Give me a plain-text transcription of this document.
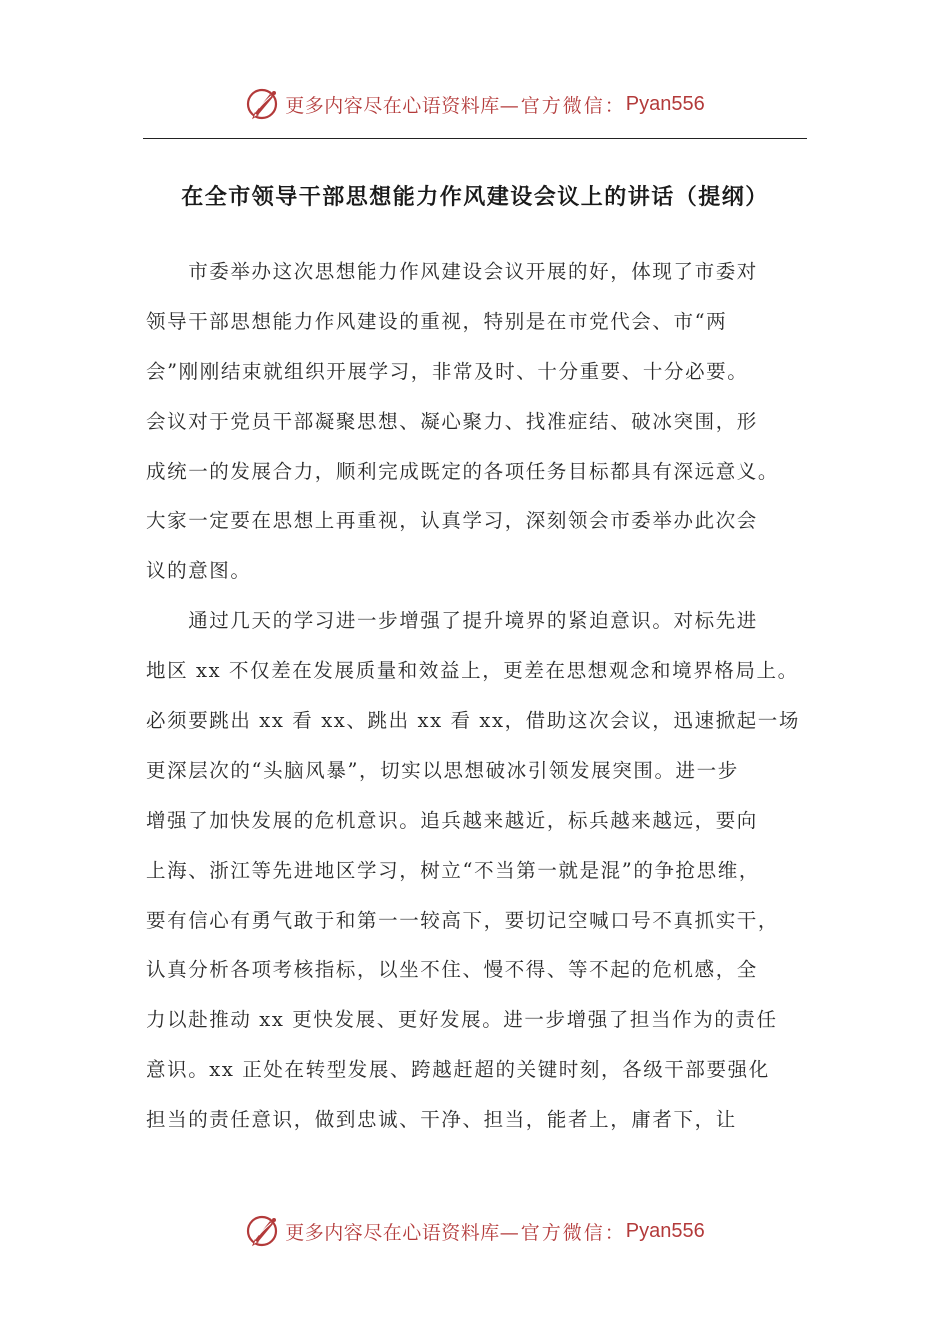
更多内容尽在心语资料库 —官方微信： Pyan556
在全市领导干部思想能力作风建设会议上的讲话（提纲）
　　市委举办这次思想能力作风建设会议开展的好，体现了市委对
领导干部思想能力作风建设的重视，特别是在市党代会、市“两
会”刚刚结束就组织开展学习，非常及时、十分重要、十分必要。
会议对于党员干部凝聚思想、凝心聚力、找准症结、破冰突围，形
成统一的发展合力，顺利完成既定的各项任务目标都具有深远意义。
大家一定要在思想上再重视，认真学习，深刻领会市委举办此次会
议的意图。
　　通过几天的学习进一步增强了提升境界的紧迫意识。对标先进
地区 xx 不仅差在发展质量和效益上，更差在思想观念和境界格局上。
必须要跳出 xx 看 xx、跳出 xx 看 xx，借助这次会议，迅速掀起一场
更深层次的“头脑风暴”，切实以思想破冰引领发展突围。进一步
增强了加快发展的危机意识。追兵越来越近，标兵越来越远，要向
上海、浙江等先进地区学习，树立“不当第一就是混”的争抢思维，
要有信心有勇气敢于和第一一较高下，要切记空喊口号不真抓实干，
认真分析各项考核指标，以坐不住、慢不得、等不起的危机感，全
力以赴推动 xx 更快发展、更好发展。进一步增强了担当作为的责任
意识。xx 正处在转型发展、跨越赶超的关键时刻，各级干部要强化
担当的责任意识，做到忠诚、干净、担当，能者上，庸者下，让
更多内容尽在心语资料库 —官方微信： Pyan556
